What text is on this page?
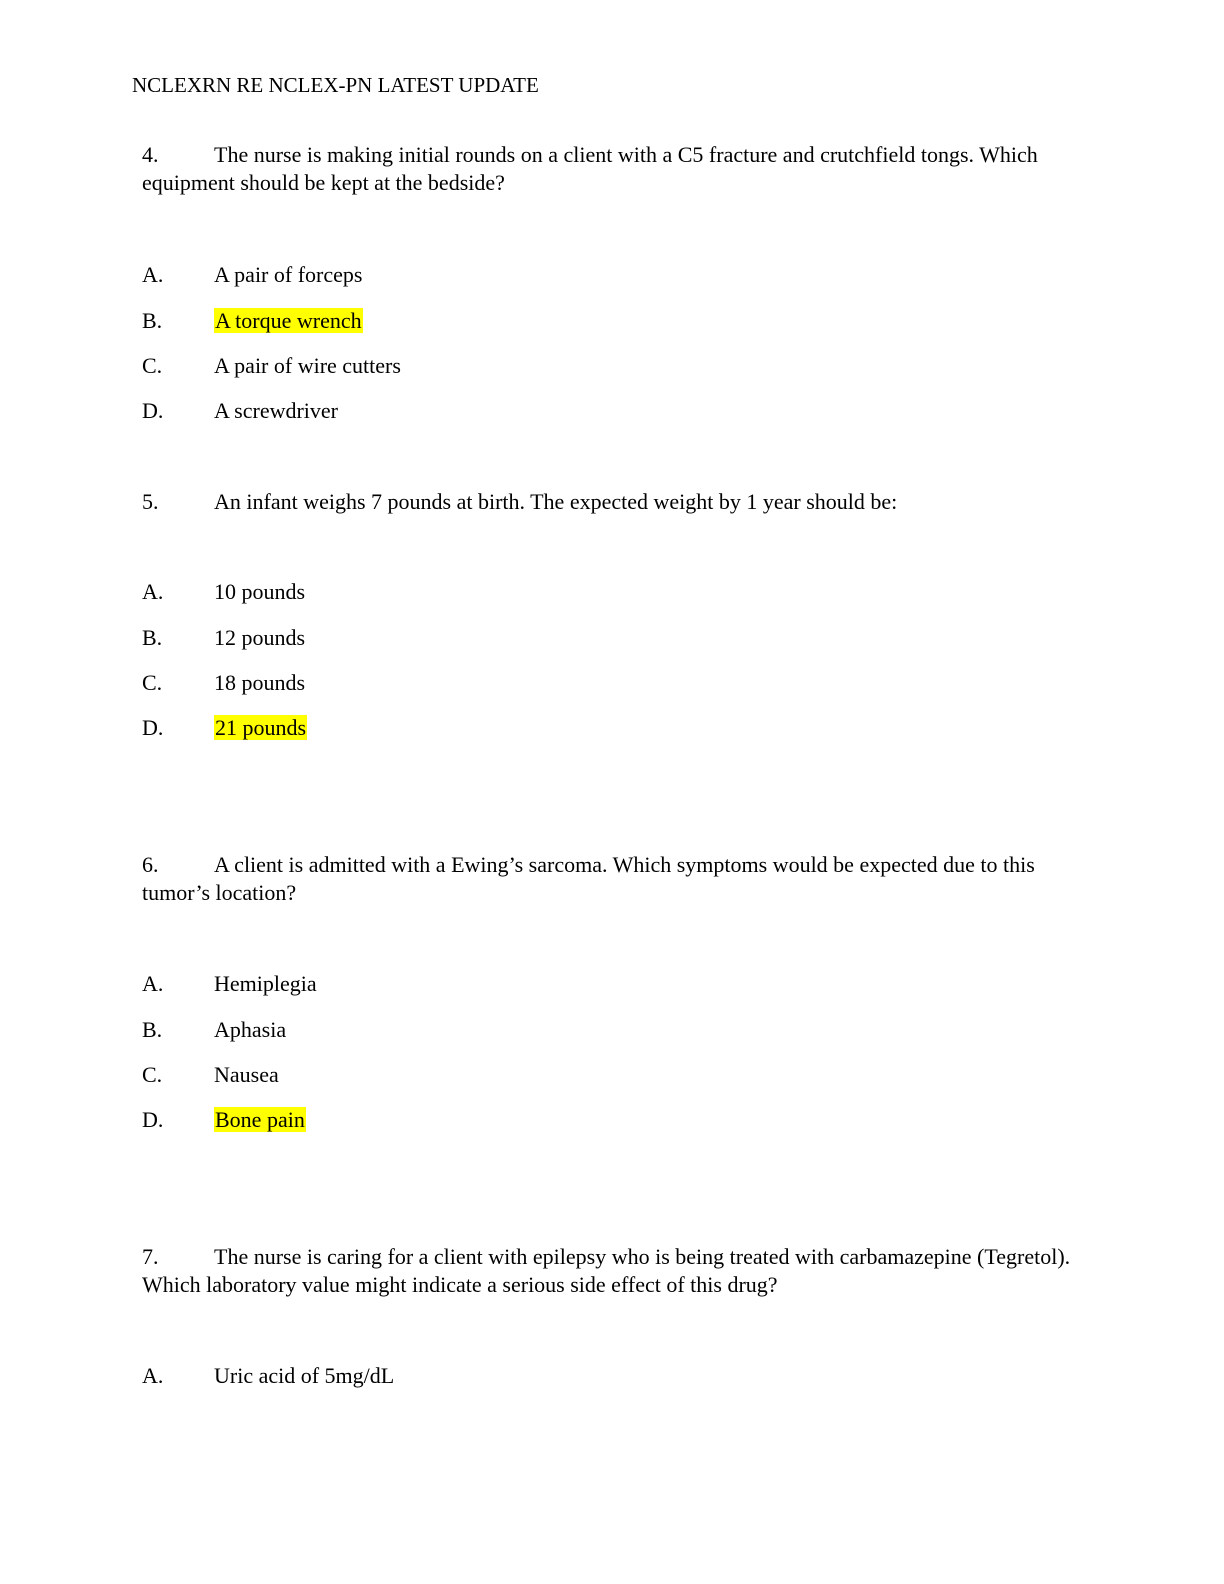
NCLEXRN RE NCLEX-PN LATEST UPDATE

4.	The nurse is making initial rounds on a client with a C5 fracture and crutchfield tongs. Which equipment should be kept at the bedside?

A. A pair of forceps
B. A torque wrench
C. A pair of wire cutters
D. A screwdriver

5.	An infant weighs 7 pounds at birth. The expected weight by 1 year should be:

A. 10 pounds
B. 12 pounds
C. 18 pounds
D. 21 pounds

6.	A client is admitted with a Ewing’s sarcoma. Which symptoms would be expected due to this tumor’s location?

A. Hemiplegia
B. Aphasia
C. Nausea
D. Bone pain

7.	The nurse is caring for a client with epilepsy who is being treated with carbamazepine (Tegretol). Which laboratory value might indicate a serious side effect of this drug?

A. Uric acid of 5mg/dL
